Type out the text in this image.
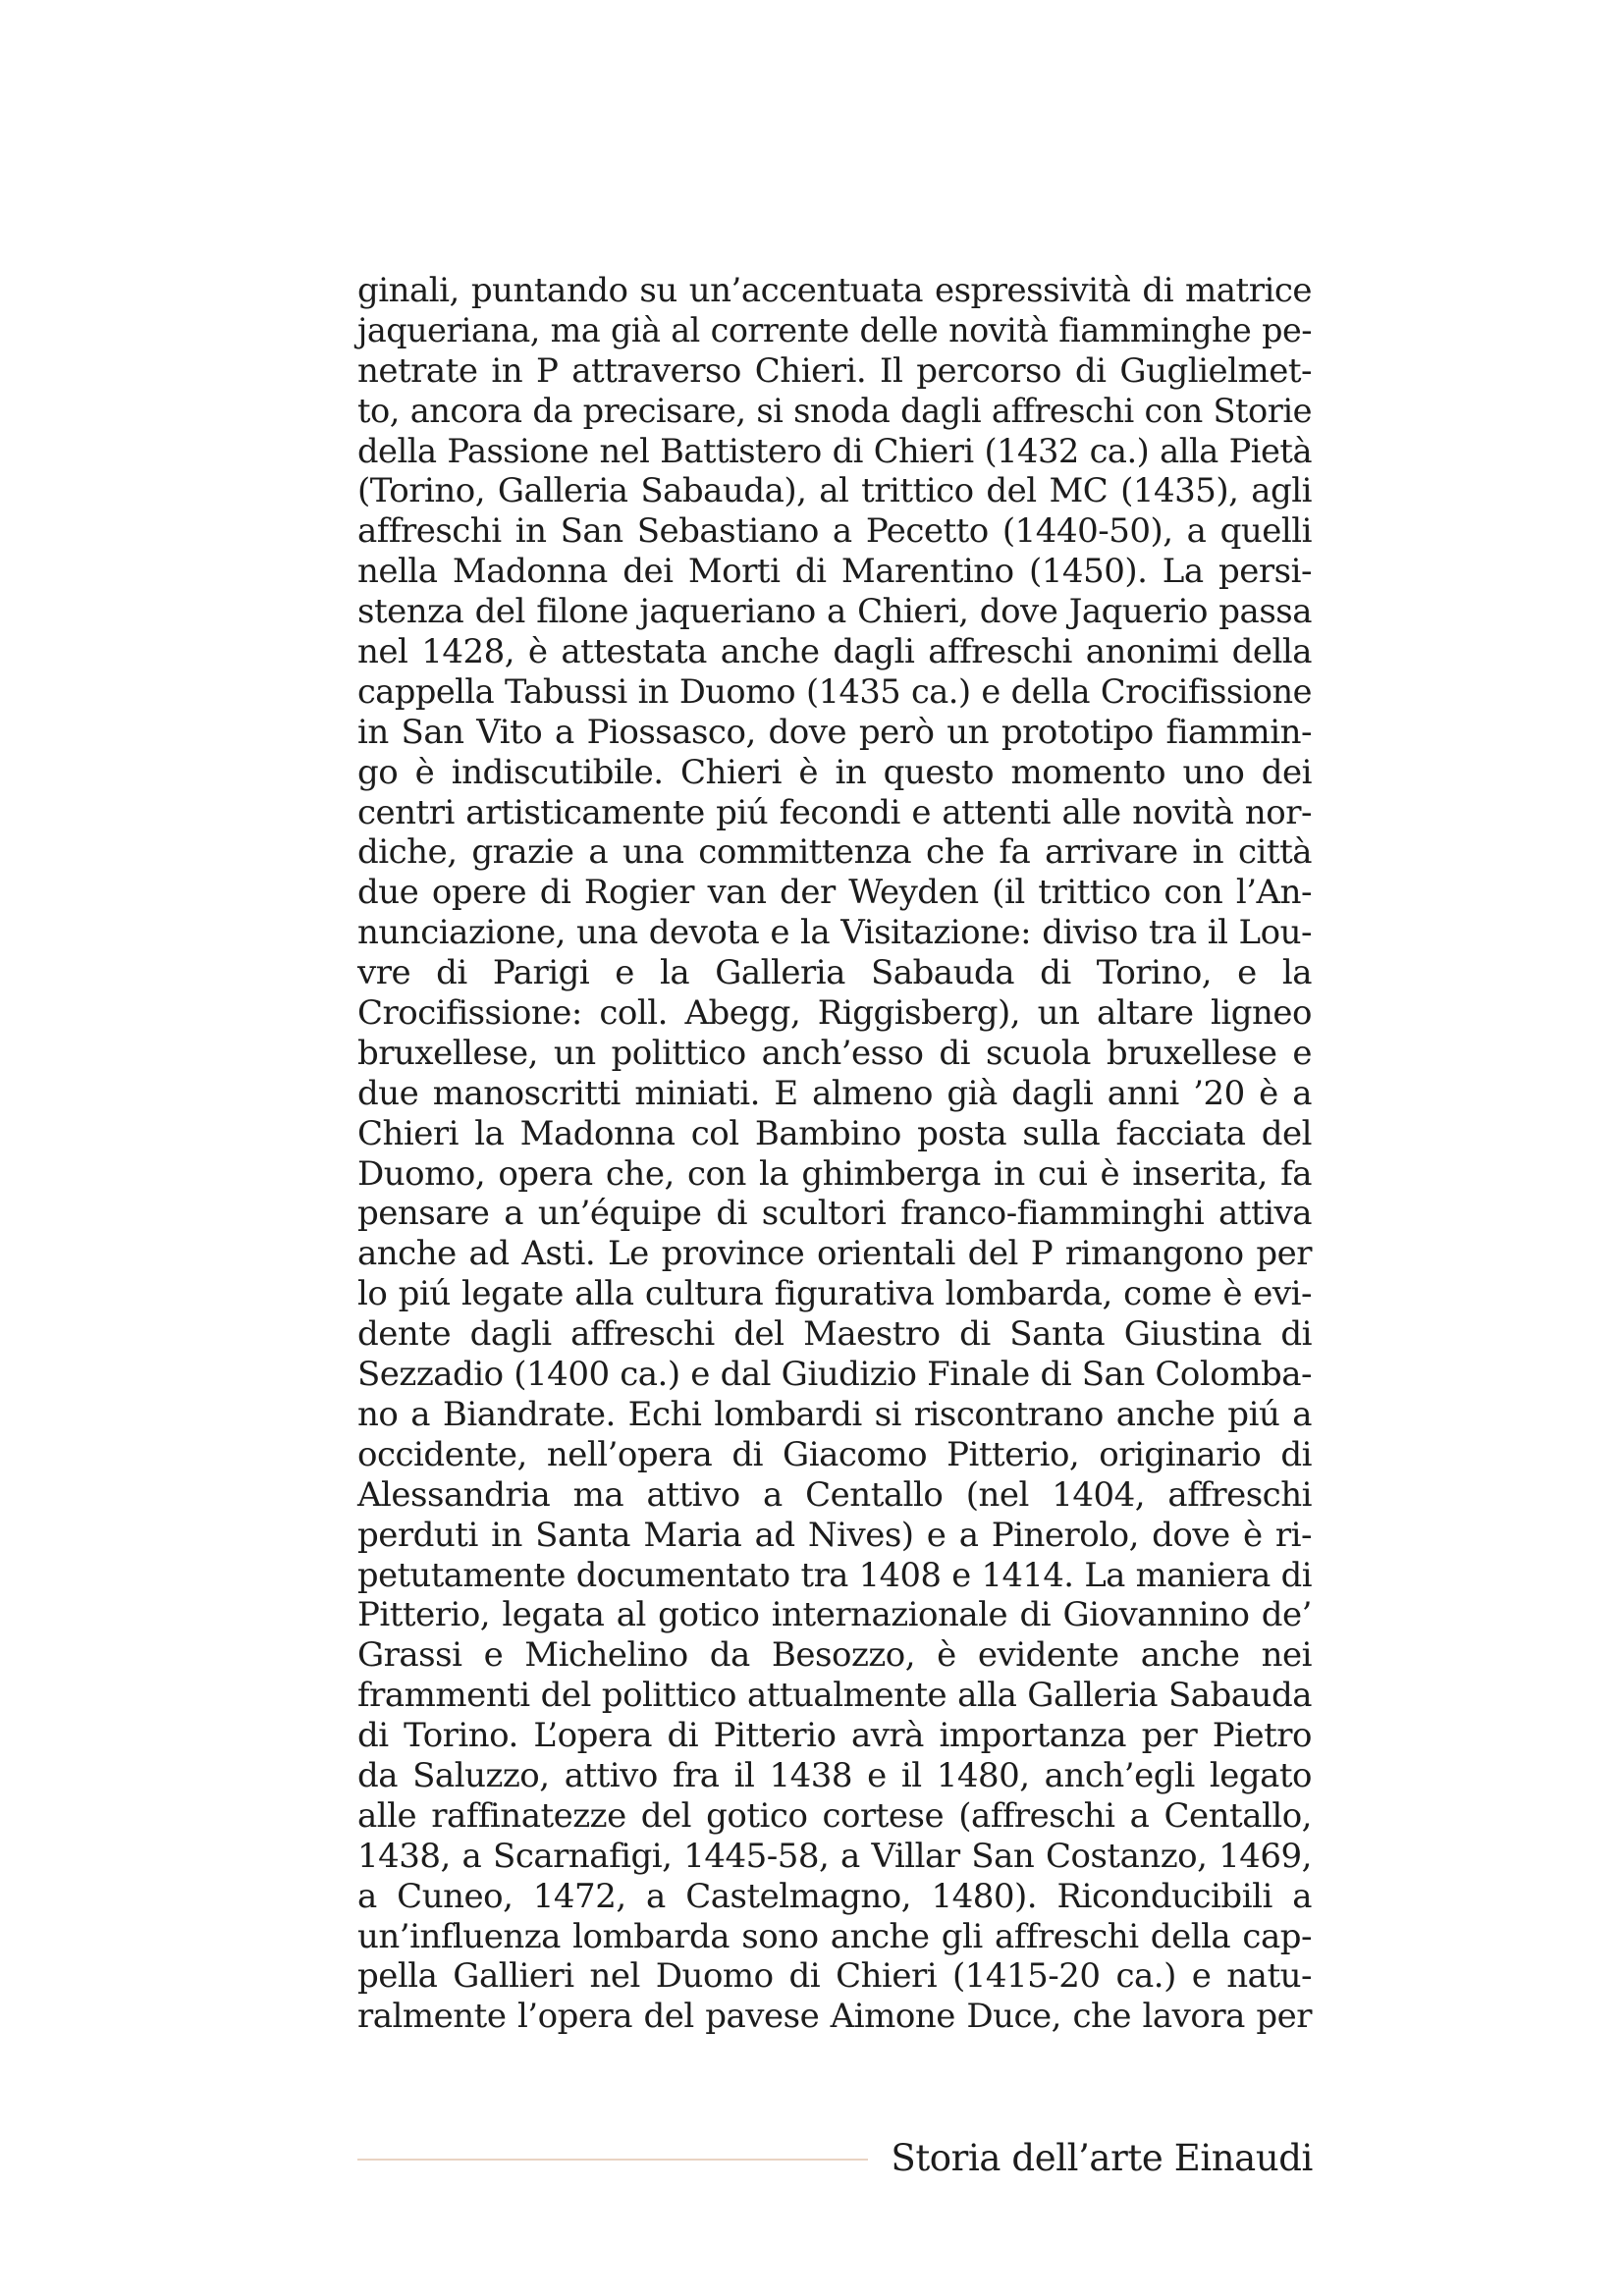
ginali, puntando su un’accentuata espressività di matrice
jaqueriana, ma già al corrente delle novità fiamminghe pe-
netrate in P attraverso Chieri. Il percorso di Guglielmet-
to, ancora da precisare, si snoda dagli affreschi con Storie
della Passione nel Battistero di Chieri (1432 ca.) alla Pietà
(Torino, Galleria Sabauda), al trittico del MC (1435), agli
affreschi in San Sebastiano a Pecetto (1440-50), a quelli
nella Madonna dei Morti di Marentino (1450). La persi-
stenza del filone jaqueriano a Chieri, dove Jaquerio passa
nel 1428, è attestata anche dagli affreschi anonimi della
cappella Tabussi in Duomo (1435 ca.) e della Crocifissione
in San Vito a Piossasco, dove però un prototipo fiammin-
go è indiscutibile. Chieri è in questo momento uno dei
centri artisticamente piú fecondi e attenti alle novità nor-
diche, grazie a una committenza che fa arrivare in città
due opere di Rogier van der Weyden (il trittico con l’An-
nunciazione, una devota e la Visitazione: diviso tra il Lou-
vre di Parigi e la Galleria Sabauda di Torino, e la
Crocifissione: coll. Abegg, Riggisberg), un altare ligneo
bruxellese, un polittico anch’esso di scuola bruxellese e
due manoscritti miniati. E almeno già dagli anni ’20 è a
Chieri la Madonna col Bambino posta sulla facciata del
Duomo, opera che, con la ghimberga in cui è inserita, fa
pensare a un’équipe di scultori franco-fiamminghi attiva
anche ad Asti. Le province orientali del P rimangono per
lo piú legate alla cultura figurativa lombarda, come è evi-
dente dagli affreschi del Maestro di Santa Giustina di
Sezzadio (1400 ca.) e dal Giudizio Finale di San Colomba-
no a Biandrate. Echi lombardi si riscontrano anche piú a
occidente, nell’opera di Giacomo Pitterio, originario di
Alessandria ma attivo a Centallo (nel 1404, affreschi
perduti in Santa Maria ad Nives) e a Pinerolo, dove è ri-
petutamente documentato tra 1408 e 1414. La maniera di
Pitterio, legata al gotico internazionale di Giovannino de’
Grassi e Michelino da Besozzo, è evidente anche nei
frammenti del polittico attualmente alla Galleria Sabauda
di Torino. L’opera di Pitterio avrà importanza per Pietro
da Saluzzo, attivo fra il 1438 e il 1480, anch’egli legato
alle raffinatezze del gotico cortese (affreschi a Centallo,
1438, a Scarnafigi, 1445-58, a Villar San Costanzo, 1469,
a Cuneo, 1472, a Castelmagno, 1480). Riconducibili a
un’influenza lombarda sono anche gli affreschi della cap-
pella Gallieri nel Duomo di Chieri (1415-20 ca.) e natu-
ralmente l’opera del pavese Aimone Duce, che lavora per
Storia dell’arte Einaudi
